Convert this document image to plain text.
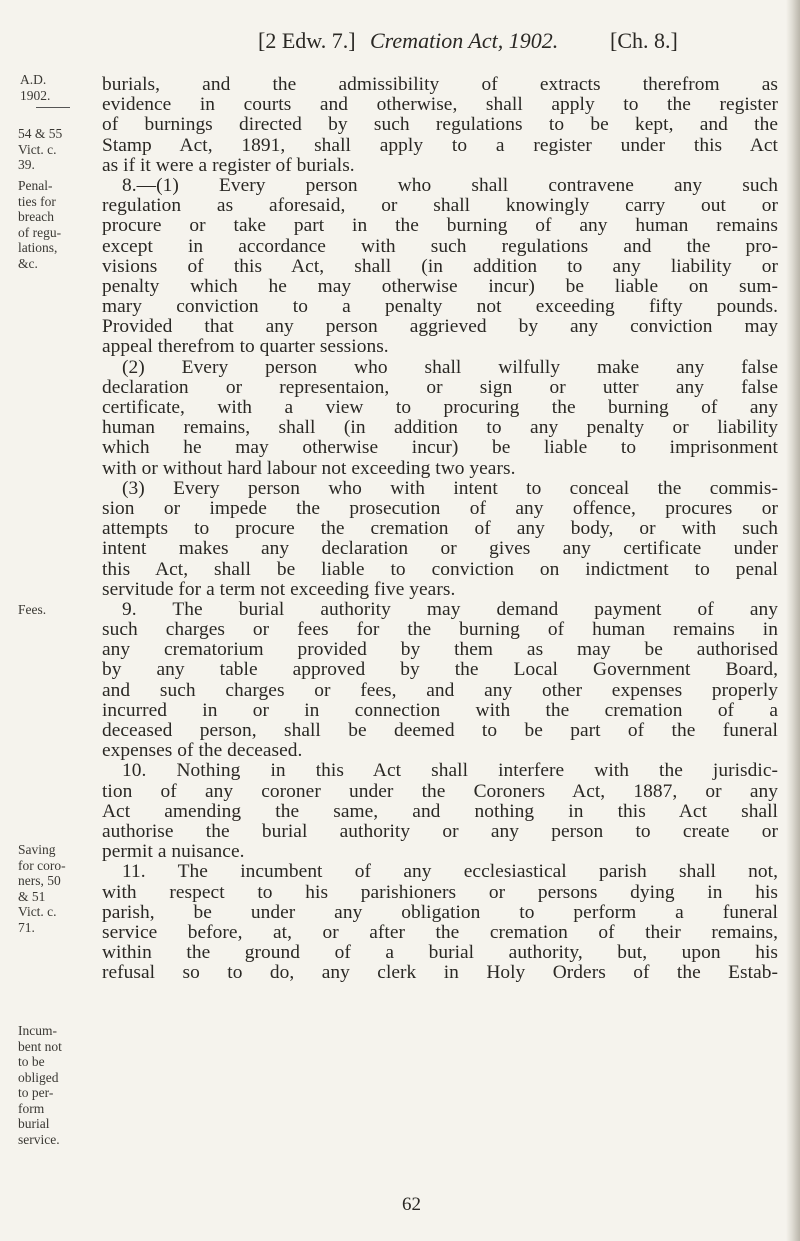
[2 Edw. 7.] Cremation Act, 1902. [Ch. 8.]
A.D.
1902.
54 & 55
Vict. c.
39.
Penal-
ties for
breach
of regu-
lations,
&c.
Fees.
Saving
for coro-
ners, 50
& 51
Vict. c.
71.
Incum-
bent not
to be
obliged
to per-
form
burial
service.
burials, and the admissibility of extracts therefrom as
evidence in courts and otherwise, shall apply to the register
of burnings directed by such regulations to be kept, and the
Stamp Act, 1891, shall apply to a register under this Act
as if it were a register of burials.
8.—(1) Every person who shall contravene any such
regulation as aforesaid, or shall knowingly carry out or
procure or take part in the burning of any human remains
except in accordance with such regulations and the pro-
visions of this Act, shall (in addition to any liability or
penalty which he may otherwise incur) be liable on sum-
mary conviction to a penalty not exceeding fifty pounds.
Provided that any person aggrieved by any conviction may
appeal therefrom to quarter sessions.
(2) Every person who shall wilfully make any false
declaration or representaion, or sign or utter any false
certificate, with a view to procuring the burning of any
human remains, shall (in addition to any penalty or liability
which he may otherwise incur) be liable to imprisonment
with or without hard labour not exceeding two years.
(3) Every person who with intent to conceal the commis-
sion or impede the prosecution of any offence, procures or
attempts to procure the cremation of any body, or with such
intent makes any declaration or gives any certificate under
this Act, shall be liable to conviction on indictment to penal
servitude for a term not exceeding five years.
9. The burial authority may demand payment of any
such charges or fees for the burning of human remains in
any crematorium provided by them as may be authorised
by any table approved by the Local Government Board,
and such charges or fees, and any other expenses properly
incurred in or in connection with the cremation of a
deceased person, shall be deemed to be part of the funeral
expenses of the deceased.
10. Nothing in this Act shall interfere with the jurisdic-
tion of any coroner under the Coroners Act, 1887, or any
Act amending the same, and nothing in this Act shall
authorise the burial authority or any person to create or
permit a nuisance.
11. The incumbent of any ecclesiastical parish shall not,
with respect to his parishioners or persons dying in his
parish, be under any obligation to perform a funeral
service before, at, or after the cremation of their remains,
within the ground of a burial authority, but, upon his
refusal so to do, any clerk in Holy Orders of the Estab-
62
